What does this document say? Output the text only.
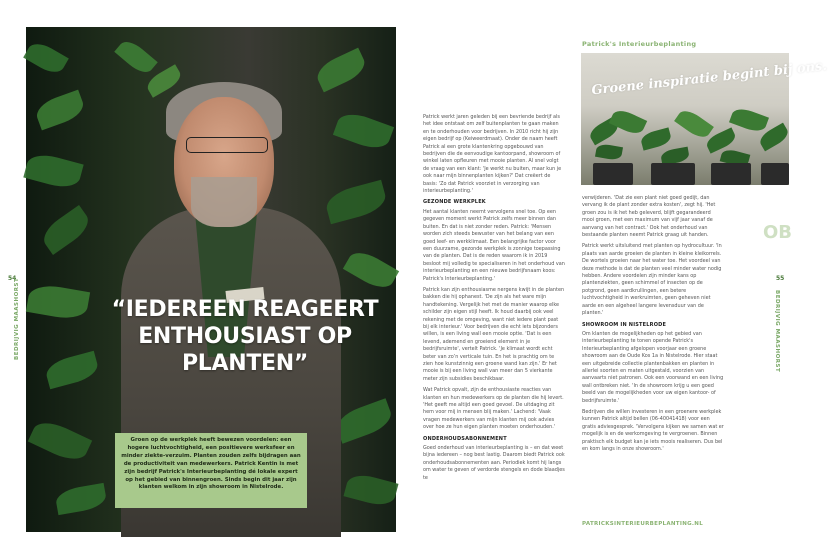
54
BEDRIJVIG MAASHORST	“IEDEREEN REAGEERT ENTHOUSIAST OP PLANTEN”

Groen op de werkplek heeft bewezen voordelen: een hogere luchtvochtigheid, een positievere werksfeer en minder ziekte-verzuim. Planten zouden zelfs bijdragen aan de productiviteit van medewerkers. Patrick Kentin is met zijn bedrijf Patrick's Interieurbeplanting dé lokale expert op het gebied van binnengroen. Sinds begin dit jaar zijn klanten welkom in zijn showroom in Nistelrode.

Patrick werkt jaren geleden bij een bevriende bedrijf als het idee ontstaat om zelf buitenplanten te gaan maken en te onderhouden voor bedrijven. In 2010 richt hij zijn eigen bedrijf op (Keiweerdmaat). Onder de naam heeft Patrick al een grote klantenkring opgebouwd van bedrijven die de eenvoudige kantoorpand, showroom of winkel laten opfleuren met mooie planten. Al snel volgt de vraag van een klant: 'Je werkt nu buiten, maar kun je ook naar mijn binnenplanten kijken?' Dat creëert de basis: 'Zo dat Patrick voorziet in verzorging van interieurbeplanting.'

GEZONDE WERKPLEK

Het aantal klanten neemt vervolgens snel toe. Op een gegeven moment werkt Patrick zelfs meer binnen dan buiten. En dat is niet zonder reden. Patrick: 'Mensen worden zich steeds bewuster van het belang van een goed leef- en werkklimaat. Een belangrijke factor voor een duurzame, gezonde werkplek is zonnige toepassing van de planten. Dat is de reden waarom ik in 2019 besloot mij volledig te specialiseren in het onderhoud van interieurbeplanting en een nieuwe bedrijfsnaam koos: Patrick's Interieurbeplanting.'

Patrick kan zijn enthousiasme nergens kwijt in de planten bakken die hij ophanest. 'De zijn als het ware mijn handtekening. Vergelijk het met de manier waarop elke schilder zijn eigen stijl heeft. Ik houd daarbij ook veel rekening met de omgeving, want niet iedere plant past bij elk interieur.' Voor bedrijven die echt iets bijzonders willen, is een living wall een mooie optie. 'Dat is een levend, ademend en groeiend element in je bedrijfsruimte', vertelt Patrick. 'Je klimaat wordt echt beter van zo’n verticale tuin. En het is prachtig om te zien hoe kunstzinnig een groene wand kan zijn.' Er het mooie is bij een living wall van meer dan 5 vierkante meter zijn subsidies beschikbaar.

Wat Patrick opvalt, zijn de enthousiaste reacties van klanten en hun medewerkers op de planten die hij levert. 'Het geeft me altijd een goed gevoel. De uitdaging zit hem voor mij in mensen blij maken.' Lachend: 'Vaak vragen medewerkers van mijn klanten mij ook advies over hoe ze hun eigen planten moeten onderhouden.'

ONDERHOUDSABONNEMENT

Goed onderhoud van interieurbeplanting is – en dat weet bijna iedereen – nog best lastig. Daarom biedt Patrick ook onderhoudsabonnementen aan. Periodiek komt hij langs om water te geven of verdorde stengels en dode blaadjes te

Patrick's Interieurbeplanting
Groene inspiratie begint bij ons.
OB

verwijderen. 'Dat zie een plant niet goed gedijt, dan vervang ik de plant zonder extra kosten', zegt hij. 'Het groen zou is ik het heb geleverd, blijft gegarandeerd mooi groen, met een maximum van vijf jaar vanaf de aanvang van het contract.' Ook het onderhoud van bestaande planten neemt Patrick graag uit handen.

Patrick werkt uitsluitend met planten op hydrocultuur. 'In plaats van aarde groeien de planten in kleine kleikorrels. De wortels groeien naar het water toe. Het voordeel van deze methode is dat de planten veel minder water nodig hebben. Andere voordelen zijn minder kans op plantenziekten, geen schimmel of insecten op de potgrond, geen aardkrullingen, een betere luchtvochtigheid in werkruimten, geen geheven niet aarde en een algeheel langere levensduur van de planten.'

SHOWROOM IN NISTELRODE

Om klanten de mogelijkheden op het gebied van interieurbeplanting te tonen opende Patrick's Interieurbeplanting afgelopen voorjaar een groene showroom aan de Oude Kos 1a in Nistelrode. Hier staat een uitgebreide collectie plantenbakken en planten in allerlei soorten en maten uitgestald, voorzien van aanvaarts niet patronen. Ook een voorwand en een living wall ontbreken niet. 'In de showroom krijg u een goed beeld van de mogelijkheden voor uw eigen kantoor- of bedrijfsruimte.'

Bedrijven die willen investeren in een groenere werkplek kunnen Patrick altijd bellen (06-40041418) voor een gratis adviesgesprek. 'Vervolgens kijken we samen wat er mogelijk is en de werkomgeving te vergroenen. Binnen praktisch elk budget kan je iets moois realiseren. Dus bel en kom langs in onze showroom.'

PATRICKSINTERIEURBEPLANTING.NL
55
BEDRIJVIG MAASHORST
